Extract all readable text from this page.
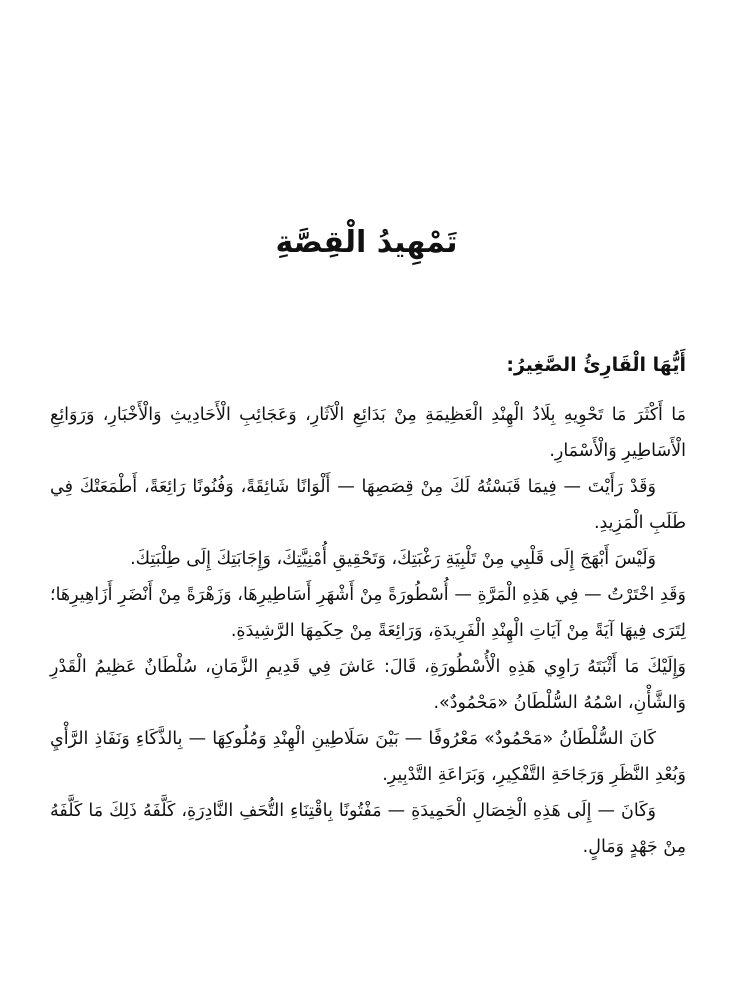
تَمْهِيدُ الْقِصَّةِ

أَيُّهَا الْقَارِئُ الصَّغِيرُ:

مَا أَكْثَرَ مَا تَحْوِيهِ بِلَادُ الْهِنْدِ الْعَظِيمَةِ مِنْ بَدَائِعِ الْآثَارِ، وَعَجَائِبِ الْأَحَادِيثِ وَالْأَخْبَارِ، وَرَوَائِعِ الْأَسَاطِيرِ وَالْأَسْمَارِ.

وَقَدْ رَأَيْتَ — فِيمَا قَبَسْتُهُ لَكَ مِنْ قِصَصِهَا — أَلْوَانًا شَائِقَةً، وَفُنُونًا رَائِعَةً، أَطْمَعَتْكَ فِي طَلَبِ الْمَزِيدِ.

وَلَيْسَ أَبْهَجَ إِلَى قَلْبِي مِنْ تَلْبِيَةِ رَغْبَتِكَ، وَتَحْقِيقِ أُمْنِيَّتِكَ، وَإِجَابَتِكَ إِلَى طِلْبَتِكَ.

وَقَدِ اخْتَرْتُ — فِي هَذِهِ الْمَرَّةِ — أُسْطُورَةً مِنْ أَشْهَرِ أَسَاطِيرِهَا، وَزَهْرَةً مِنْ أَنْضَرِ أَزَاهِيرِهَا؛ لِتَرَى فِيهَا آيَةً مِنْ آيَاتِ الْهِنْدِ الْفَرِيدَةِ، وَرَائِعَةً مِنْ حِكَمِهَا الرَّشِيدَةِ.

وَإِلَيْكَ مَا أَثْبَتَهُ رَاوِي هَذِهِ الْأُسْطُورَةِ، قَالَ: عَاشَ فِي قَدِيمِ الزَّمَانِ، سُلْطَانٌ عَظِيمُ الْقَدْرِ وَالشَّأْنِ، اسْمُهُ السُّلْطَانُ «مَحْمُودٌ».

كَانَ السُّلْطَانُ «مَحْمُودٌ» مَعْرُوفًا — بَيْنَ سَلَاطِينِ الْهِنْدِ وَمُلُوكِهَا — بِالذَّكَاءِ وَنَفَاذِ الرَّأْيِ وَبُعْدِ النَّظَرِ وَرَجَاحَةِ التَّفْكِيرِ، وَبَرَاعَةِ التَّدْبِيرِ.

وَكَانَ — إِلَى هَذِهِ الْخِصَالِ الْحَمِيدَةِ — مَفْتُونًا بِاقْتِنَاءِ التُّحَفِ النَّادِرَةِ، كَلَّفَهُ ذَلِكَ مَا كَلَّفَهُ مِنْ جَهْدٍ وَمَالٍ.
